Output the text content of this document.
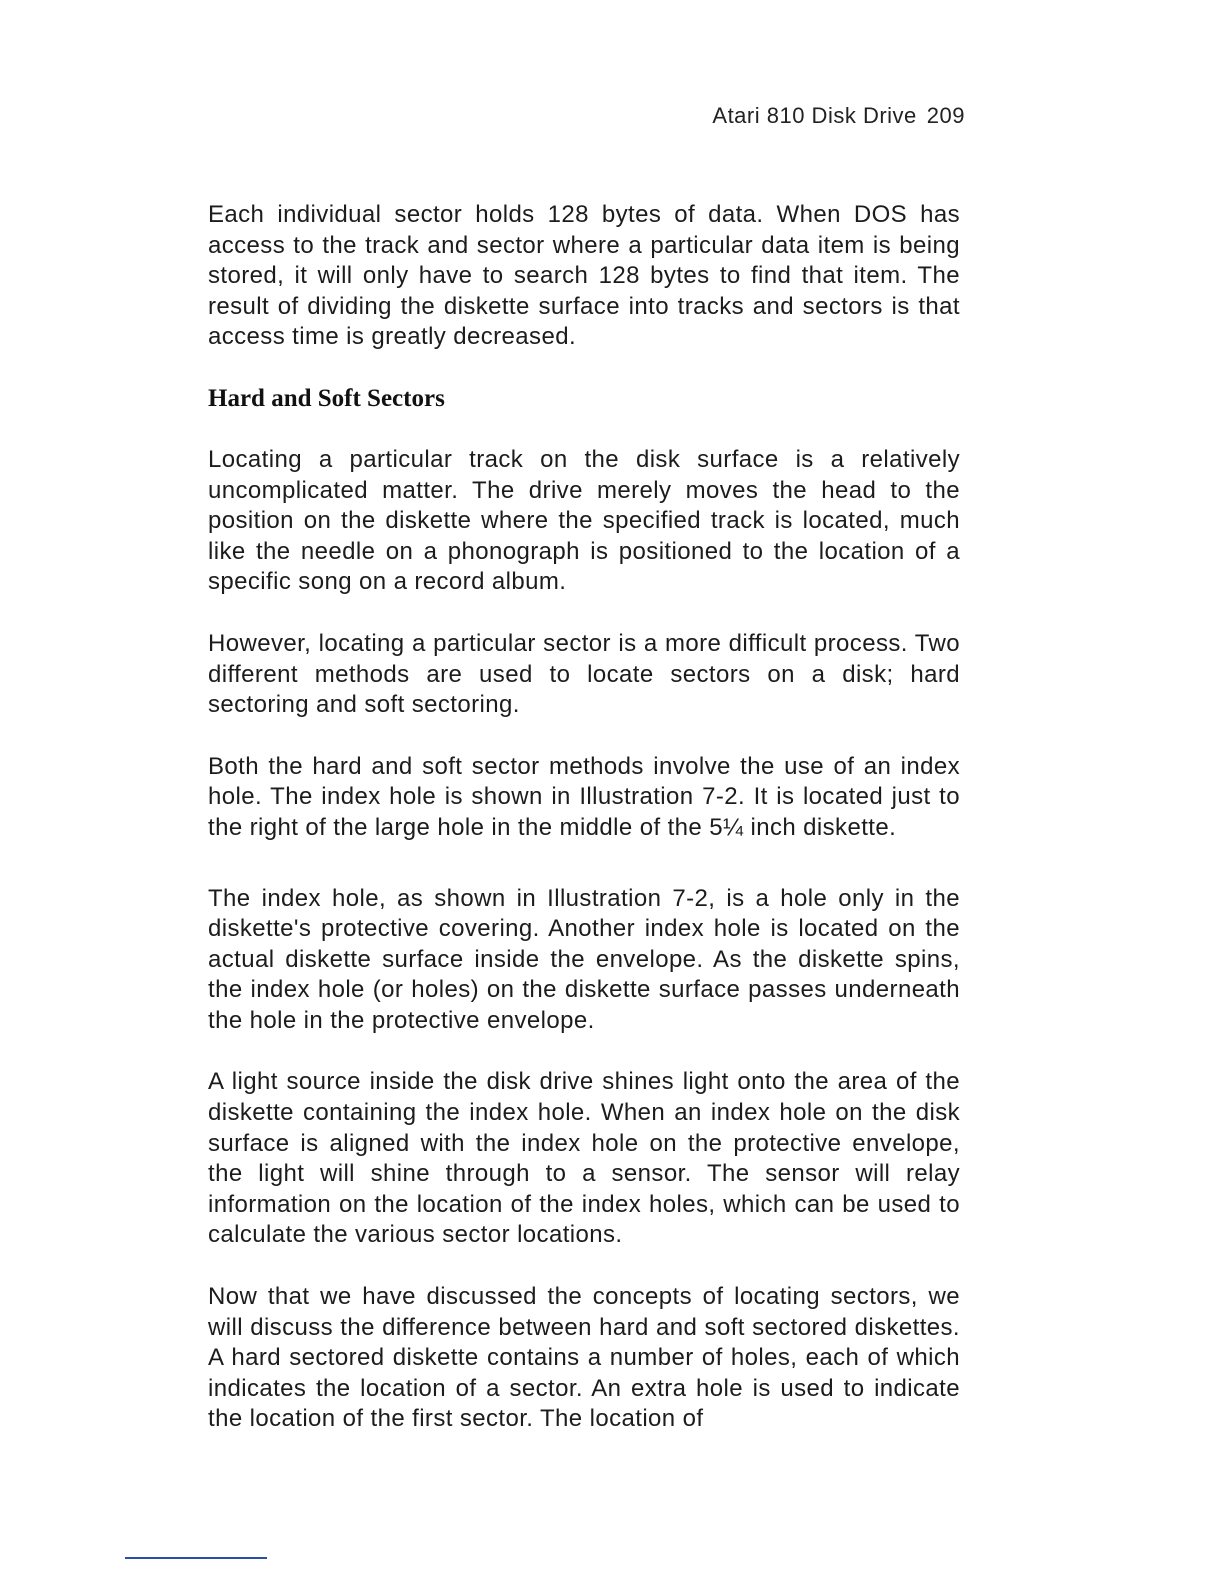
Atari 810 Disk Drive 209

Each individual sector holds 128 bytes of data. When DOS has access to the track and sector where a particular data item is being stored, it will only have to search 128 bytes to find that item. The result of dividing the diskette surface into tracks and sectors is that access time is greatly decreased.

Hard and Soft Sectors

Locating a particular track on the disk surface is a relatively uncomplicated matter. The drive merely moves the head to the position on the diskette where the specified track is located, much like the needle on a phonograph is positioned to the location of a specific song on a record album.

However, locating a particular sector is a more difficult process. Two different methods are used to locate sectors on a disk; hard sectoring and soft sectoring.

Both the hard and soft sector methods involve the use of an index hole. The index hole is shown in Illustration 7-2. It is located just to the right of the large hole in the middle of the 5¼ inch diskette.

The index hole, as shown in Illustration 7-2, is a hole only in the diskette's protective covering. Another index hole is located on the actual diskette surface inside the envelope. As the diskette spins, the index hole (or holes) on the diskette surface passes underneath the hole in the protective envelope.

A light source inside the disk drive shines light onto the area of the diskette containing the index hole. When an index hole on the disk surface is aligned with the index hole on the protective envelope, the light will shine through to a sensor. The sensor will relay information on the location of the index holes, which can be used to calculate the various sector locations.

Now that we have discussed the concepts of locating sectors, we will discuss the difference between hard and soft sectored diskettes. A hard sectored diskette contains a number of holes, each of which indicates the location of a sector. An extra hole is used to indicate the location of the first sector. The location of
